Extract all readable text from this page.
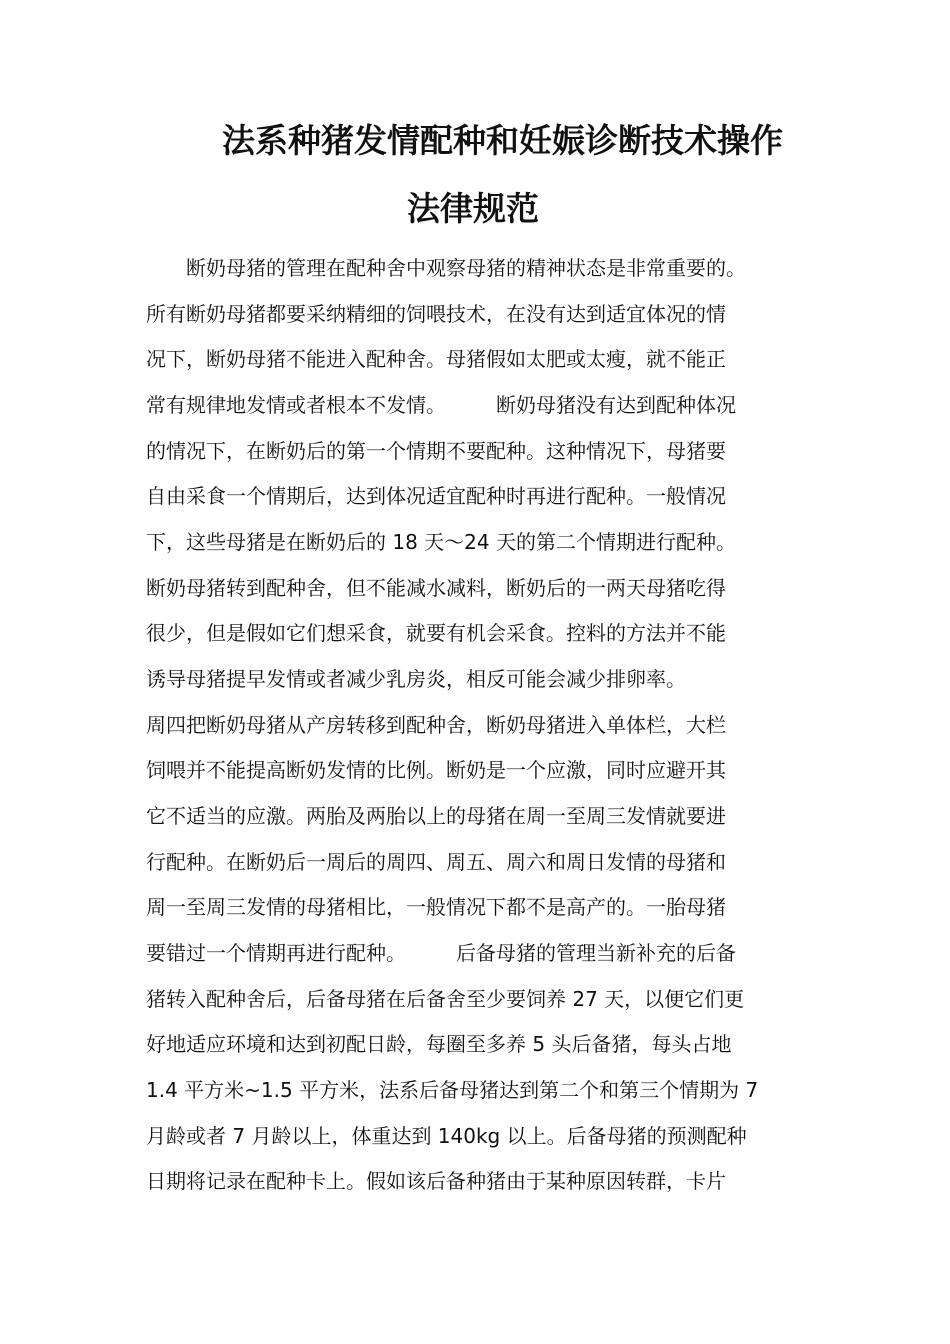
法系种猪发情配种和妊娠诊断技术操作
法律规范
　　断奶母猪的管理在配种舍中观察母猪的精神状态是非常重要的。
所有断奶母猪都要采纳精细的饲喂技术，在没有达到适宜体况的情
况下，断奶母猪不能进入配种舍。母猪假如太肥或太瘦，就不能正
常有规律地发情或者根本不发情。　　　断奶母猪没有达到配种体况
的情况下，在断奶后的第一个情期不要配种。这种情况下，母猪要
自由采食一个情期后，达到体况适宜配种时再进行配种。一般情况
下，这些母猪是在断奶后的 18 天～24 天的第二个情期进行配种。
断奶母猪转到配种舍，但不能减水减料，断奶后的一两天母猪吃得
很少，但是假如它们想采食，就要有机会采食。控料的方法并不能
诱导母猪提早发情或者减少乳房炎，相反可能会减少排卵率。
周四把断奶母猪从产房转移到配种舍，断奶母猪进入单体栏，大栏
饲喂并不能提高断奶发情的比例。断奶是一个应激，同时应避开其
它不适当的应激。两胎及两胎以上的母猪在周一至周三发情就要进
行配种。在断奶后一周后的周四、周五、周六和周日发情的母猪和
周一至周三发情的母猪相比，一般情况下都不是高产的。一胎母猪
要错过一个情期再进行配种。　　　后备母猪的管理当新补充的后备
猪转入配种舍后，后备母猪在后备舍至少要饲养 27 天，以便它们更
好地适应环境和达到初配日龄，每圈至多养 5 头后备猪，每头占地
1.4 平方米~1.5 平方米，法系后备母猪达到第二个和第三个情期为 7
月龄或者 7 月龄以上，体重达到 140kg 以上。后备母猪的预测配种
日期将记录在配种卡上。假如该后备种猪由于某种原因转群，卡片
